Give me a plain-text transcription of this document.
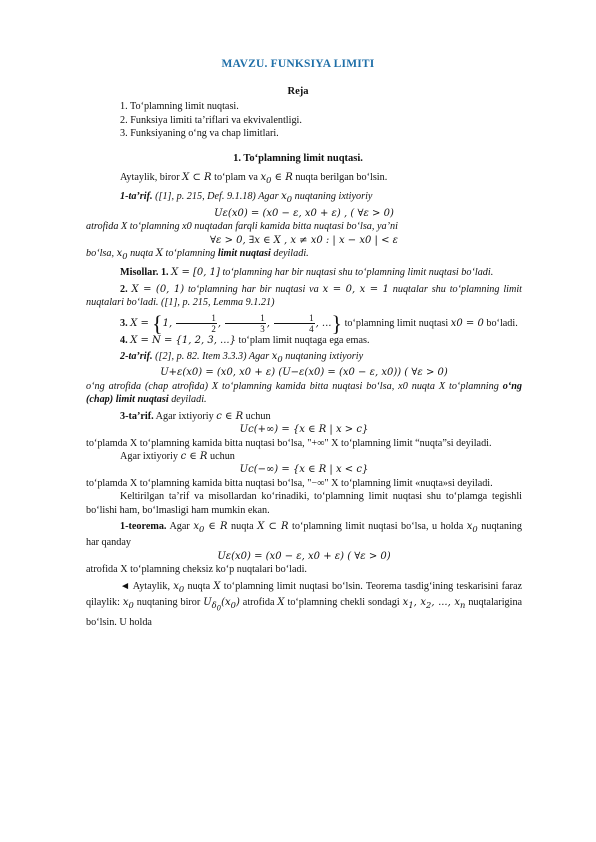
MAVZU. FUNKSIYA LIMITI
Reja
1. To‘plamning limit nuqtasi.
2. Funksiya limiti ta’riflari va ekvivalentligi.
3. Funksiyaning o‘ng va chap limitlari.
1. To‘plamning limit nuqtasi.

Aytaylik, biror X ⊂ R to‘plam va $x_0$ ∈ R nuqta berilgan bo‘lsin.

1-ta’rif. ([1], p. 215, Def. 9.1.18) Agar $x_0$ nuqtaning ixtiyoriy

Uε(x0) = (x0 − ε, x0 + ε) , ( ∀ε > 0)

atrofida X to‘plamning x0 nuqtadan farqli kamida bitta nuqtasi bo‘lsa, ya’ni

∀ε > 0, ∃x ∈ X , x ≠ x0 : | x − x0 | < ε

bo‘lsa, $x_0$ nuqta X to‘plamning limit nuqtasi deyiladi.

Misollar. 1. X = [0, 1] to‘plamning har bir nuqtasi shu to‘plamning limit nuqtasi bo‘ladi.

2. X = (0, 1) to‘plamning har bir nuqtasi va x = 0, x = 1 nuqtalar shu to‘plamning limit nuqtalari bo‘ladi. ([1], p. 215, Lemma 9.1.21)

3. X = {1, $\frac{1}{2}$ , $\frac{1}{3}$ , $\frac{1}{4}$ , ...} to‘plamning limit nuqtasi x0 = 0 bo‘ladi.

4. X = N = {1, 2, 3, ...} to‘plam limit nuqtaga ega emas.

2-ta’rif. ([2], p. 82. Item 3.3.3) Agar $x_0$ nuqtaning ixtiyoriy

U+ε(x0) = (x0, x0 + ε) (U−ε(x0) = (x0 − ε, x0)) ( ∀ε > 0)

o‘ng atrofida (chap atrofida) X to‘plamning kamida bitta nuqtasi bo‘lsa, x0 nuqta X to‘plamning o‘ng (chap) limit nuqtasi deyiladi.

3-ta’rif. Agar ixtiyoriy c ∈ R uchun

Uc(+∞) = {x ∈ R | x > c}

to‘plamda X to‘plamning kamida bitta nuqtasi bo‘lsa, "+∞" X to‘plamning limit “nuqta”si deyiladi.

Agar ixtiyoriy c ∈ R uchun

Uc(−∞) = {x ∈ R | x < c}

to‘plamda X to‘plamning kamida bitta nuqtasi bo‘lsa, "−∞" X to‘plamning limit «nuqta»si deyiladi.

Keltirilgan ta’rif va misollardan ko‘rinadiki, to‘plamning limit nuqtasi shu to‘plamga tegishli bo‘lishi ham, bo‘lmasligi ham mumkin ekan.

1-teorema. Agar $x_0$ ∈ R nuqta X ⊂ R to‘plamning limit nuqtasi bo‘lsa, u holda $x_0$ nuqtaning har qanday

Uε(x0) = (x0 − ε, x0 + ε) ( ∀ε > 0)

atrofida X to‘plamning cheksiz ko‘p nuqtalari bo‘ladi.

◄ Aytaylik, $x_0$ nuqta X to‘plamning limit nuqtasi bo‘lsin. Teorema tasdig‘ining teskarisini faraz qilaylik: $x_0$ nuqtaning biror $U_{\delta_0}(x_0)$ atrofida X to‘plamning chekli sondagi $x_1$, $x_2$, ..., $x_n$ nuqtalarigina bo‘lsin. U holda
